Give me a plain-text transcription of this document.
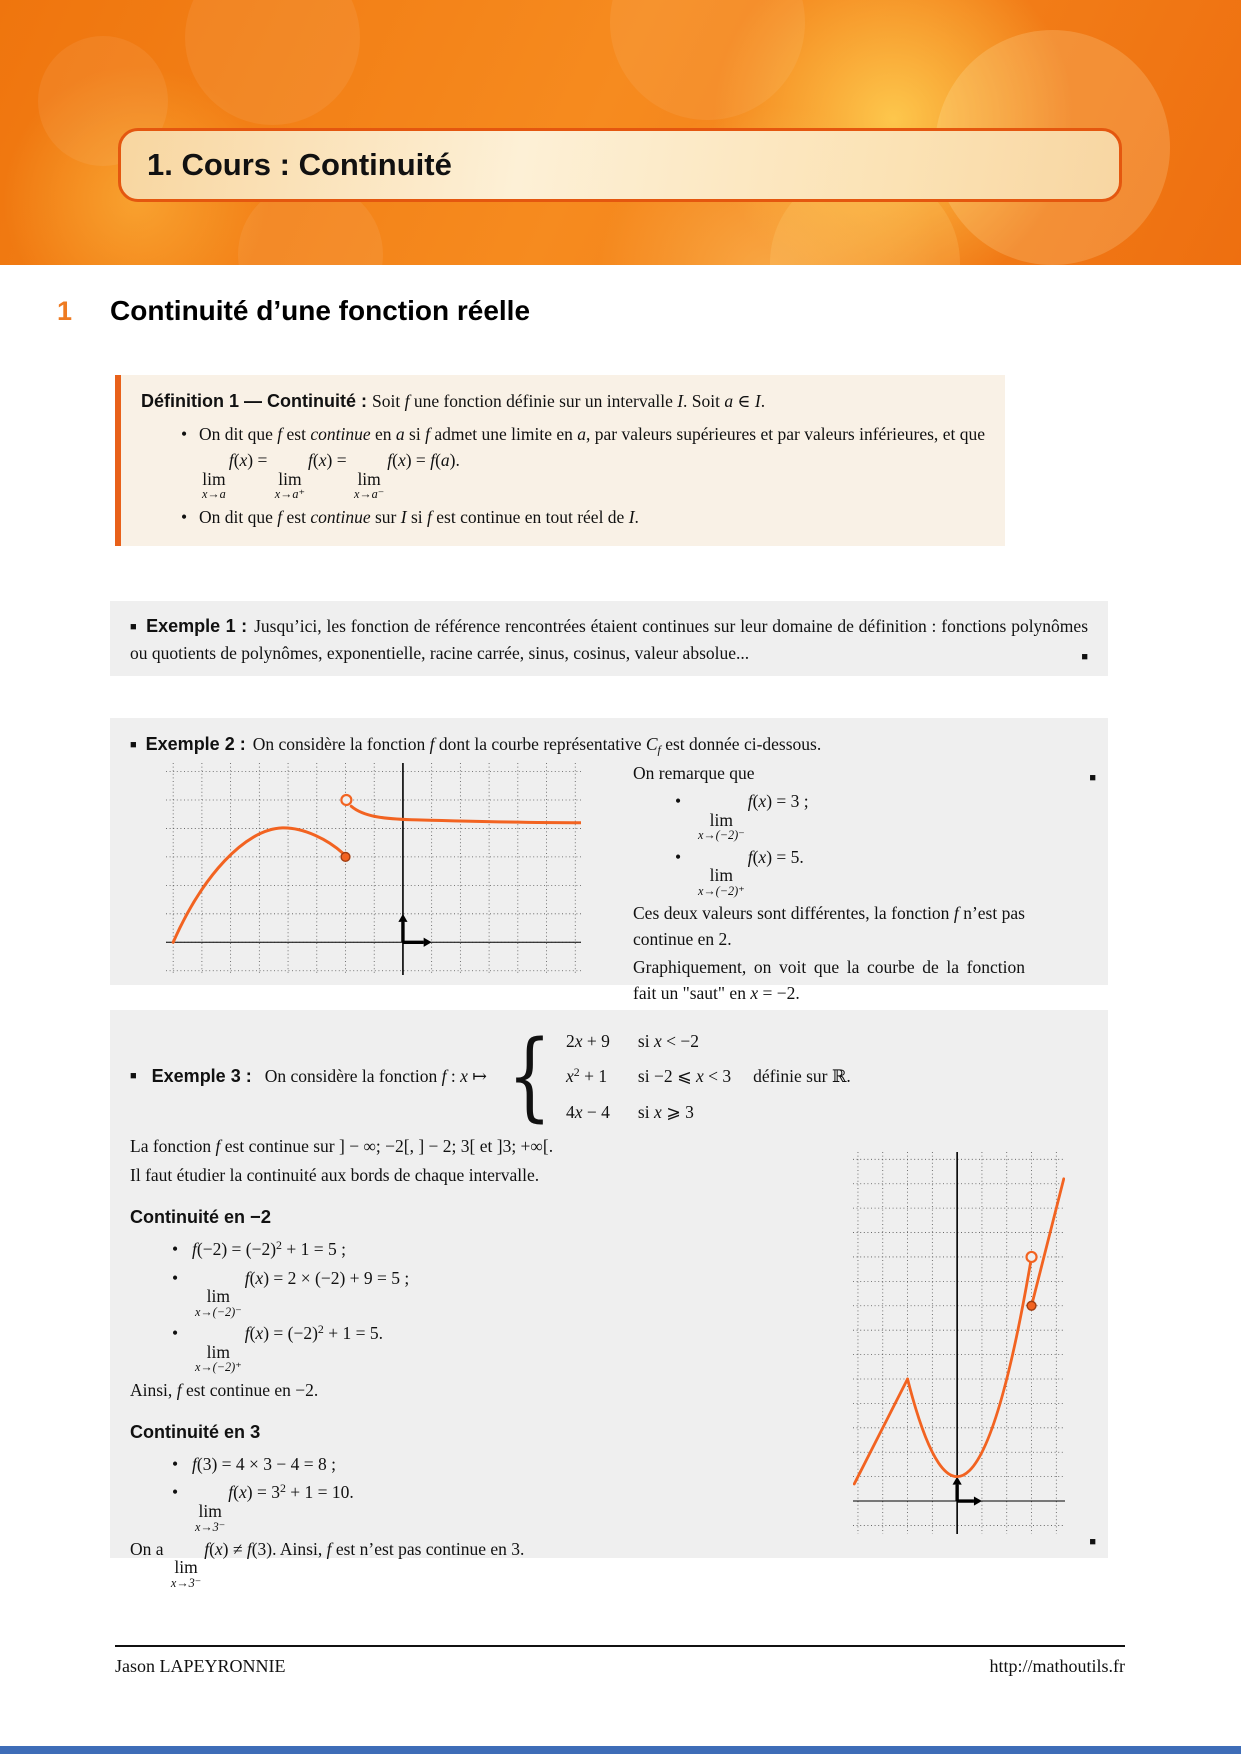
1. Cours : Continuité
1 Continuité d’une fonction réelle

Définition 1 — Continuité : Soit f une fonction définie sur un intervalle I. Soit a ∈ I.

• On dit que f est continue en a si f admet une limite en a, par valeurs supérieures et par valeurs inférieures, et que
lim
x→a
f(x) =
lim
x→a⁺
f(x) =
lim
x→a⁻
f(x) = f(a).
• On dit que f est continue sur I si f est continue en tout réel de I.

■ Exemple 1 : Jusqu’ici, les fonction de référence rencontrées étaient continues sur leur domaine de définition : fonctions polynômes ou quotients de polynômes, exponentielle, racine carrée, sinus, cosinus, valeur absolue...	■

■ Exemple 2 : On considère la fonction f dont la courbe représentative Cf est donnée ci-dessous.

On remarque que

• lim
x→(−2)⁻
f(x) = 3 ;
• lim
x→(−2)⁺
f(x) = 5.

Ces deux valeurs sont différentes, la fonction f n’est pas continue en 2.

Graphiquement, on voit que la courbe de la fonction fait un "saut" en x = −2.

■
■ Exemple 3 : On considère la fonction f : x ↦ { 2x + 9 si x < −2
$x^2 + 1$ si −2 ⩽ x < 3
4x − 4 si x ⩾ 3
définie sur ℝ.

La fonction f est continue sur ] − ∞; −2[, ] − 2; 3[ et ]3; +∞[.

Il faut étudier la continuité aux bords de chaque intervalle.

Continuité en −2
• $f(-2) = (-2)^2 + 1 = 5$ ;
• lim
x→(−2)⁻
f(x) = 2 × (−2) + 9 = 5 ;
• lim
x→(−2)⁺
$f(x) = (-2)^2 + 1 = 5$.

Ainsi, f est continue en −2.

Continuité en 3
• f(3) = 4 × 3 − 4 = 8 ;
• lim
x→3⁻
$f(x) = 3^2 + 1 = 10$.

On a
lim
x→3⁻
f(x) ≠ f(3). Ainsi, f est n’est pas continue en 3.	■
Jason LAPEYRONNIE	http://mathoutils.fr
